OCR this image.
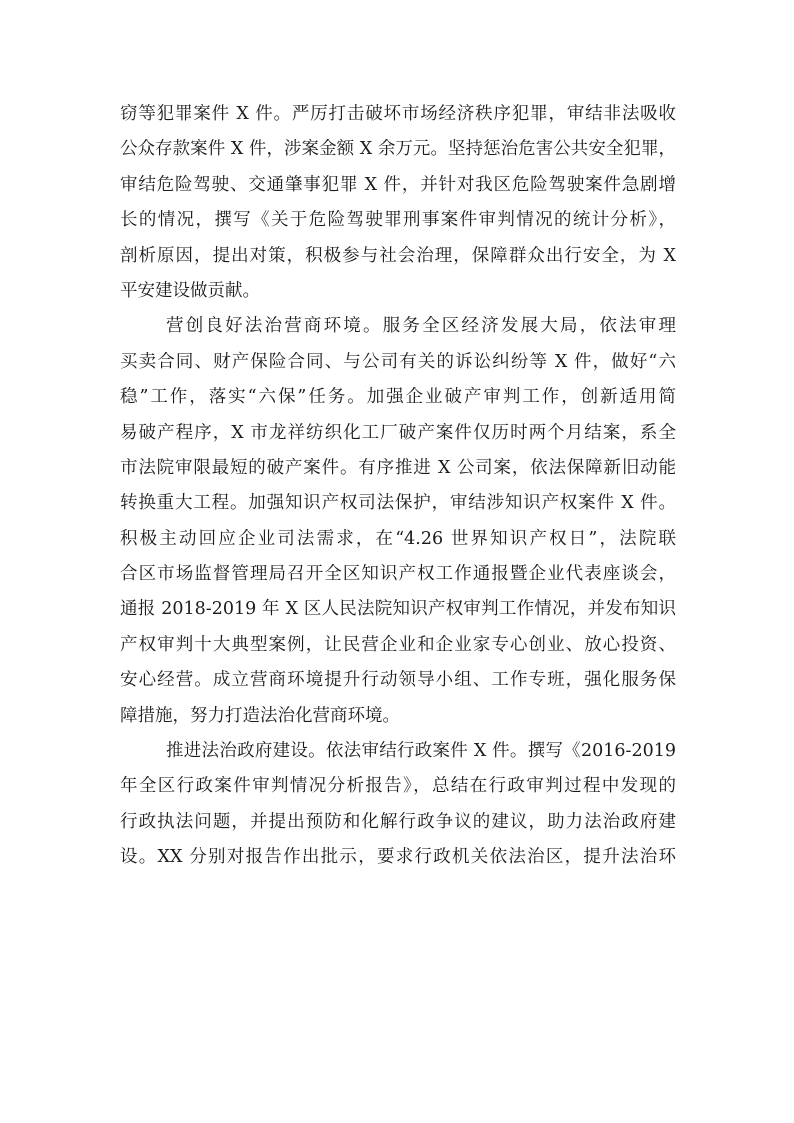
窃等犯罪案件 X 件。严厉打击破坏市场经济秩序犯罪，审结非法吸收
公众存款案件 X 件，涉案金额 X 余万元。坚持惩治危害公共安全犯罪，
审结危险驾驶、交通肇事犯罪 X 件，并针对我区危险驾驶案件急剧增
长的情况，撰写《关于危险驾驶罪刑事案件审判情况的统计分析》，
剖析原因，提出对策，积极参与社会治理，保障群众出行安全，为 X
平安建设做贡献。
营创良好法治营商环境。服务全区经济发展大局，依法审理
买卖合同、财产保险合同、与公司有关的诉讼纠纷等 X 件，做好“六
稳”工作，落实“六保”任务。加强企业破产审判工作，创新适用简
易破产程序，X 市龙祥纺织化工厂破产案件仅历时两个月结案，系全
市法院审限最短的破产案件。有序推进 X 公司案，依法保障新旧动能
转换重大工程。加强知识产权司法保护，审结涉知识产权案件 X 件。
积极主动回应企业司法需求，在“4.26 世界知识产权日”，法院联
合区市场监督管理局召开全区知识产权工作通报暨企业代表座谈会，
通报 2018-2019 年 X 区人民法院知识产权审判工作情况，并发布知识
产权审判十大典型案例，让民营企业和企业家专心创业、放心投资、
安心经营。成立营商环境提升行动领导小组、工作专班，强化服务保
障措施，努力打造法治化营商环境。
推进法治政府建设。依法审结行政案件 X 件。撰写《2016-2019
年全区行政案件审判情况分析报告》，总结在行政审判过程中发现的
行政执法问题，并提出预防和化解行政争议的建议，助力法治政府建
设。XX 分别对报告作出批示，要求行政机关依法治区，提升法治环
